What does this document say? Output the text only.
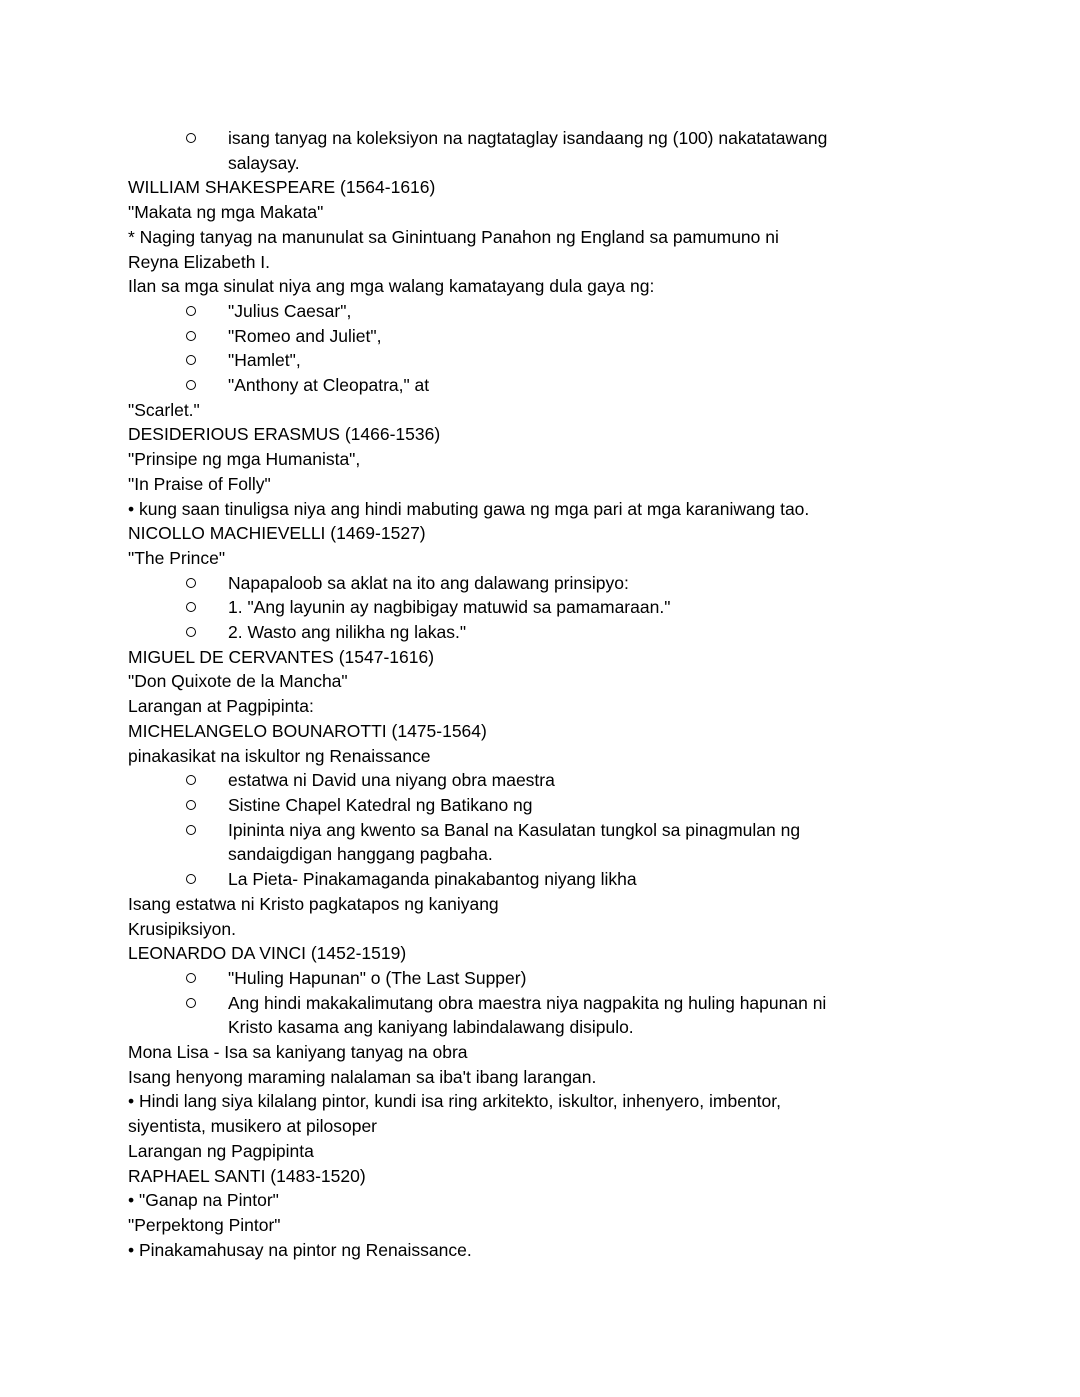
isang tanyag na koleksiyon na nagtataglay isandaang ng (100) nakatatawang
salaysay.
WILLIAM SHAKESPEARE (1564-1616)
"Makata ng mga Makata"
* Naging tanyag na manunulat sa Ginintuang Panahon ng England sa pamumuno ni
Reyna Elizabeth I.
Ilan sa mga sinulat niya ang mga walang kamatayang dula gaya ng:
"Julius Caesar",
"Romeo and Juliet",
"Hamlet",
"Anthony at Cleopatra," at
"Scarlet."
DESIDERIOUS ERASMUS (1466-1536)
"Prinsipe ng mga Humanista",
"In Praise of Folly"
• kung saan tinuligsa niya ang hindi mabuting gawa ng mga pari at mga karaniwang tao.
NICOLLO MACHIEVELLI (1469-1527)
"The Prince"
Napapaloob sa aklat na ito ang dalawang prinsipyo:
1. "Ang layunin ay nagbibigay matuwid sa pamamaraan."
2. Wasto ang nilikha ng lakas."
MIGUEL DE CERVANTES (1547-1616)
"Don Quixote de la Mancha"
Larangan at Pagpipinta:
MICHELANGELO BOUNAROTTI (1475-1564)
pinakasikat na iskultor ng Renaissance
estatwa ni David una niyang obra maestra
Sistine Chapel Katedral ng Batikano ng
Ipininta niya ang kwento sa Banal na Kasulatan tungkol sa pinagmulan ng
sandaigdigan hanggang pagbaha.
La Pieta- Pinakamaganda pinakabantog niyang likha
Isang estatwa ni Kristo pagkatapos ng kaniyang
Krusipiksiyon.
LEONARDO DA VINCI (1452-1519)
"Huling Hapunan" o (The Last Supper)
Ang hindi makakalimutang obra maestra niya nagpakita ng huling hapunan ni
Kristo kasama ang kaniyang labindalawang disipulo.
Mona Lisa - Isa sa kaniyang tanyag na obra
Isang henyong maraming nalalaman sa iba't ibang larangan.
• Hindi lang siya kilalang pintor, kundi isa ring arkitekto, iskultor, inhenyero, imbentor,
siyentista, musikero at pilosoper
Larangan ng Pagpipinta
RAPHAEL SANTI (1483-1520)
• "Ganap na Pintor"
"Perpektong Pintor"
• Pinakamahusay na pintor ng Renaissance.
